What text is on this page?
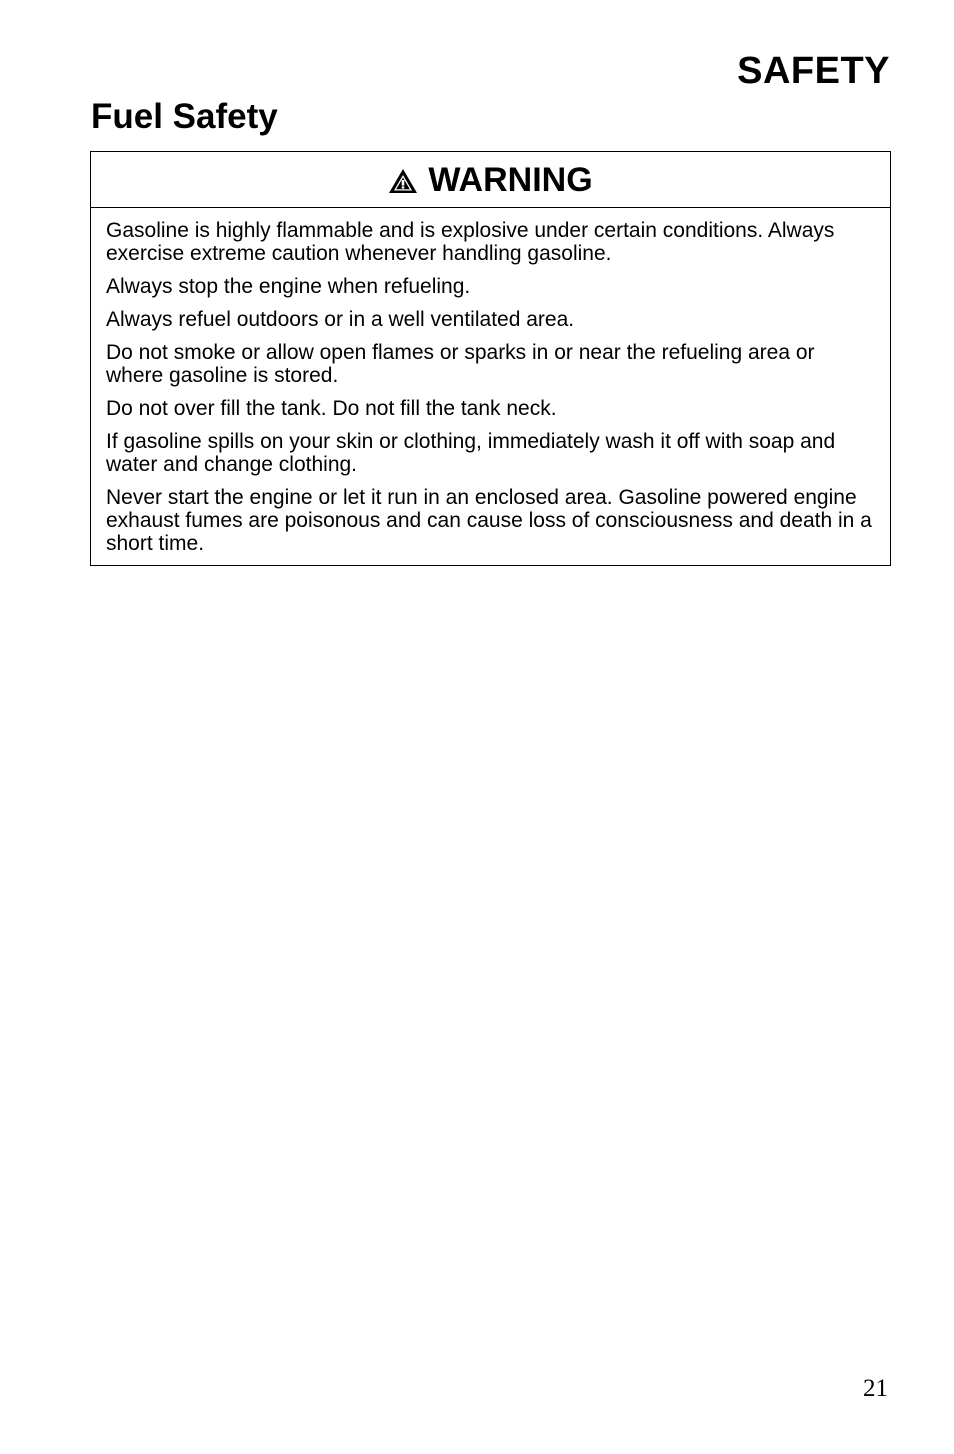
SAFETY
Fuel Safety
WARNING

Gasoline is highly flammable and is explosive under certain conditions. Always exercise extreme caution whenever handling gasoline.

Always stop the engine when refueling.

Always refuel outdoors or in a well ventilated area.

Do not smoke or allow open flames or sparks in or near the refueling area or where gasoline is stored.

Do not over fill the tank. Do not fill the tank neck.

If gasoline spills on your skin or clothing, immediately wash it off with soap and water and change clothing.

Never start the engine or let it run in an enclosed area. Gasoline powered engine exhaust fumes are poisonous and can cause loss of consciousness and death in a short time.

21
